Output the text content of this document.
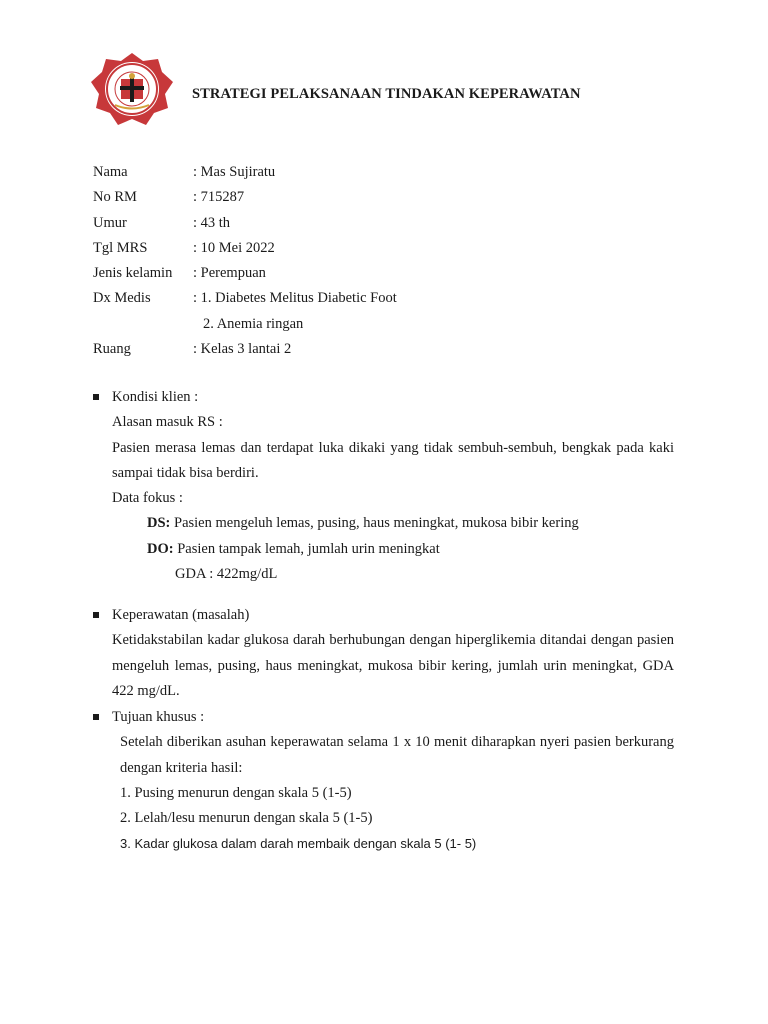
STRATEGI PELAKSANAAN TINDAKAN KEPERAWATAN
Nama	: Mas Sujiratu
No RM	: 715287
Umur	: 43 th
Tgl MRS	: 10 Mei 2022
Jenis kelamin : Perempuan
Dx Medis	: 1. Diabetes Melitus Diabetic Foot
2. Anemia ringan
Ruang	: Kelas 3 lantai 2
Kondisi klien :
Alasan masuk RS :
Pasien merasa lemas dan terdapat luka dikaki yang tidak sembuh-sembuh, bengkak pada kaki sampai tidak bisa berdiri.
Data fokus :
DS: Pasien mengeluh lemas, pusing, haus meningkat, mukosa bibir kering
DO: Pasien tampak lemah, jumlah urin meningkat
GDA : 422mg/dL
Keperawatan (masalah)
Ketidakstabilan kadar glukosa darah berhubungan dengan hiperglikemia ditandai dengan pasien mengeluh lemas, pusing, haus meningkat, mukosa bibir kering, jumlah urin meningkat, GDA 422 mg/dL.
Tujuan khusus :
Setelah diberikan asuhan keperawatan selama 1 x 10 menit diharapkan nyeri pasien berkurang dengan kriteria hasil:
1. Pusing menurun dengan skala 5 (1-5)
2. Lelah/lesu menurun dengan skala 5 (1-5)
3. Kadar glukosa dalam darah membaik dengan skala 5 (1- 5)
